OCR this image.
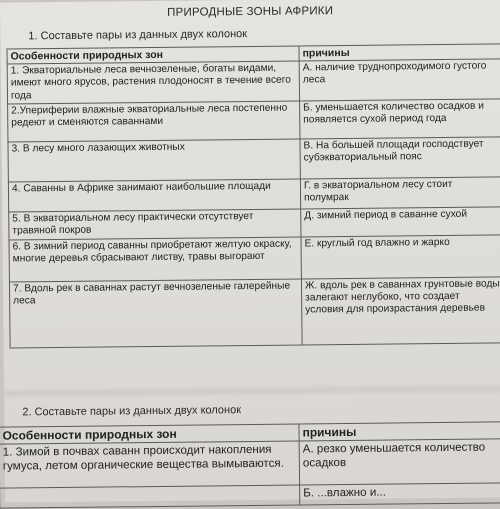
ПРИРОДНЫЕ ЗОНЫ АФРИКИ
1. Составьте пары из данных двух колонок
Особенности природных зон	причины
1. Экваториальные леса вечнозеленые, богаты видами, имеют много ярусов, растения плодоносят в течение всего года	А. наличие труднопроходимого густого леса
2.Упериферии влажные экваториальные леса постепенно редеют и сменяются саваннами	Б. уменьшается количество осадков и появляется сухой период года
3. В лесу много лазающих животных	В. На большей площади господствует субэкваториальный пояс
4. Саванны в Африке занимают наибольшие площади	Г. в экваториальном лесу стоит полумрак
5. В экваториальном лесу практически отсутствует травяной покров	Д. зимний период в саванне сухой
6. В зимний период саванны приобретают желтую окраску, многие деревья сбрасывают листву, травы выгорают	Е. круглый год влажно и жарко
7. Вдоль рек в саваннах растут вечнозеленые галерейные леса	Ж. вдоль рек в саваннах грунтовые воды залегают неглубоко, что создает условия для произрастания деревьев
2. Составьте пары из данных двух колонок
Особенности природных зон	причины
1. Зимой в почвах саванн происходит накопления гумуса, летом органические вещества вымываются.	А. резко уменьшается количество осадков
	Б. ...влажно и...
